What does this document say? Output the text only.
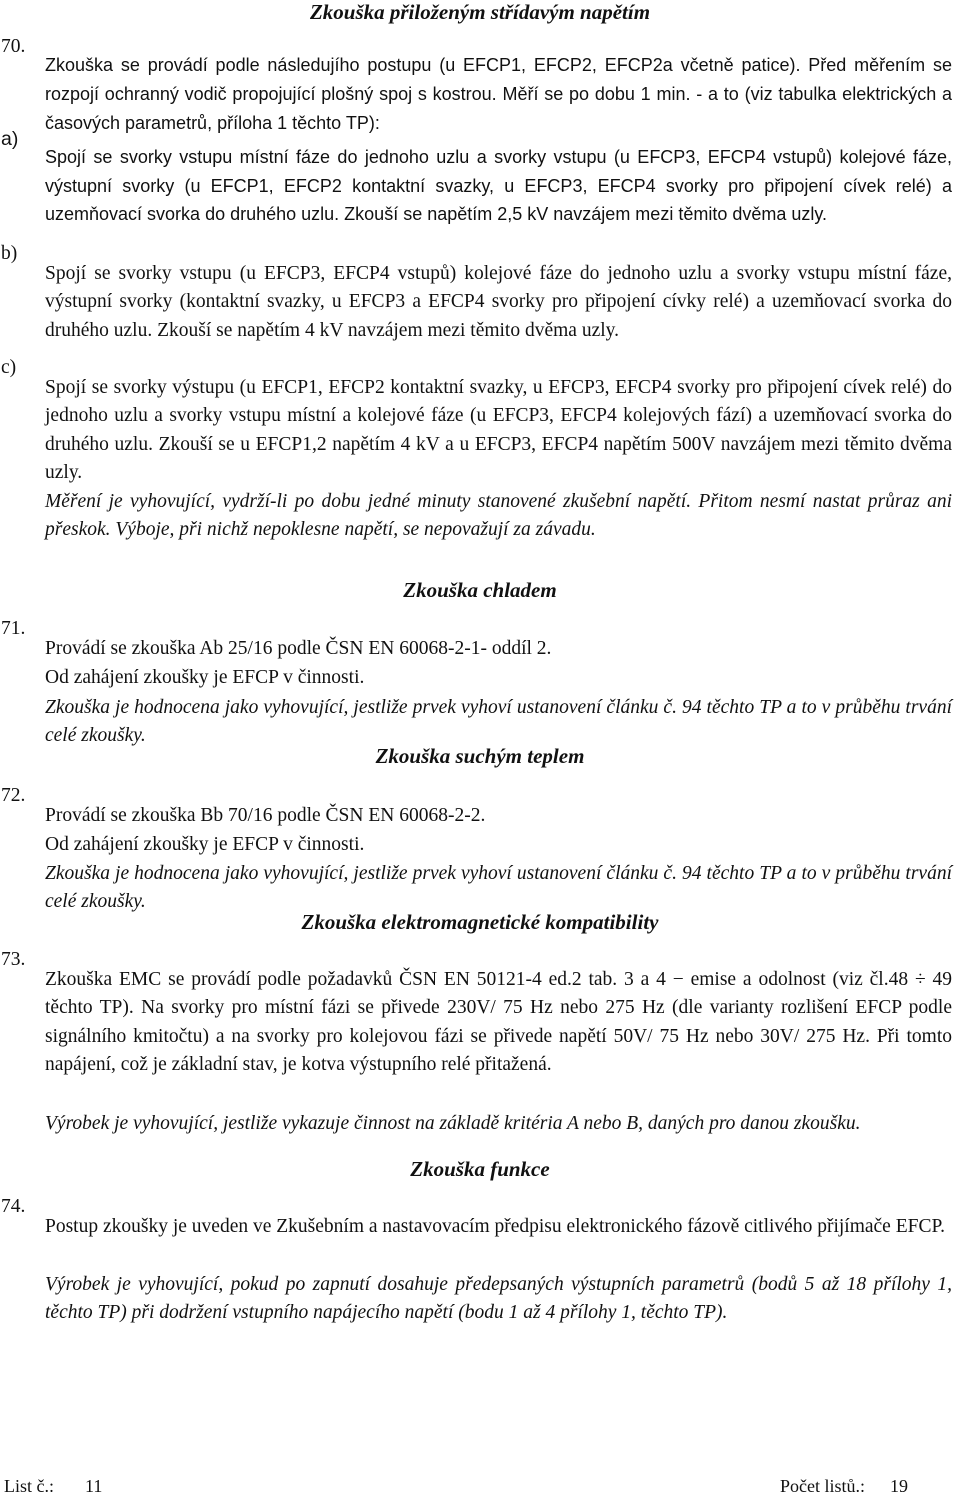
Zkouška přiloženým střídavým napětím
70.

Zkouška se provádí podle následujího postupu (u EFCP1, EFCP2, EFCP2a včetně patice). Před měřením se rozpojí ochranný vodič propojující plošný spoj s kostrou. Měří se po dobu 1 min. - a to (viz tabulka elektrických a časových parametrů, příloha 1 těchto TP):

a)

Spojí se svorky vstupu místní fáze do jednoho uzlu a svorky vstupu (u EFCP3, EFCP4 vstupů) kolejové fáze, výstupní svorky (u EFCP1, EFCP2 kontaktní svazky, u EFCP3, EFCP4 svorky pro připojení cívek relé) a uzemňovací svorka do druhého uzlu. Zkouší se napětím 2,5 kV navzájem mezi těmito dvěma uzly.

b)

Spojí se svorky vstupu (u EFCP3, EFCP4 vstupů) kolejové fáze do jednoho uzlu a svorky vstupu místní fáze, výstupní svorky (kontaktní svazky, u EFCP3 a EFCP4 svorky pro připojení cívky relé) a uzemňovací svorka do druhého uzlu. Zkouší se napětím 4 kV navzájem mezi těmito dvěma uzly.

c)

Spojí se svorky výstupu (u EFCP1, EFCP2 kontaktní svazky, u EFCP3, EFCP4 svorky pro připojení cívek relé) do jednoho uzlu a svorky vstupu místní a kolejové fáze (u EFCP3, EFCP4 kolejových fází) a uzemňovací svorka do druhého uzlu. Zkouší se u EFCP1,2 napětím 4 kV a u EFCP3, EFCP4 napětím 500V navzájem mezi těmito dvěma uzly.

Měření je vyhovující, vydrží-li po dobu jedné minuty stanovené zkušební napětí. Přitom nesmí nastat průraz ani přeskok. Výboje, při nichž nepoklesne napětí, se nepovažují za závadu.

Zkouška chladem
71.

Provádí se zkouška Ab 25/16 podle ČSN EN 60068-2-1- oddíl 2.

Od zahájení zkoušky je EFCP v činnosti.

Zkouška je hodnocena jako vyhovující, jestliže prvek vyhoví ustanovení článku č. 94 těchto TP a to v průběhu trvání celé zkoušky.

Zkouška suchým teplem
72.

Provádí se zkouška Bb 70/16 podle ČSN EN 60068-2-2.

Od zahájení zkoušky je EFCP v činnosti.

Zkouška je hodnocena jako vyhovující, jestliže prvek vyhoví ustanovení článku č. 94 těchto TP a to v průběhu trvání celé zkoušky.

Zkouška elektromagnetické kompatibility
73.

Zkouška EMC se provádí podle požadavků ČSN EN 50121-4 ed.2 tab. 3 a 4 − emise a odolnost (viz čl.48 ÷ 49 těchto TP). Na svorky pro místní fázi se přivede 230V/ 75 Hz nebo 275 Hz (dle varianty rozlišení EFCP podle signálního kmitočtu) a na svorky pro kolejovou fázi se přivede napětí 50V/ 75 Hz nebo 30V/ 275 Hz. Při tomto napájení, což je základní stav, je kotva výstupního relé přitažená.

Výrobek je vyhovující, jestliže vykazuje činnost na základě kritéria A nebo B, daných pro danou zkoušku.

Zkouška funkce
74.

Postup zkoušky je uveden ve Zkušebním a nastavovacím předpisu elektronického fázově citlivého přijímače EFCP.

Výrobek je vyhovující, pokud po zapnutí dosahuje předepsaných výstupních parametrů (bodů 5 až 18 přílohy 1, těchto TP) při dodržení vstupního napájecího napětí (bodu 1 až 4 přílohy 1, těchto TP).

List č.: 11	Počet listů.: 19
